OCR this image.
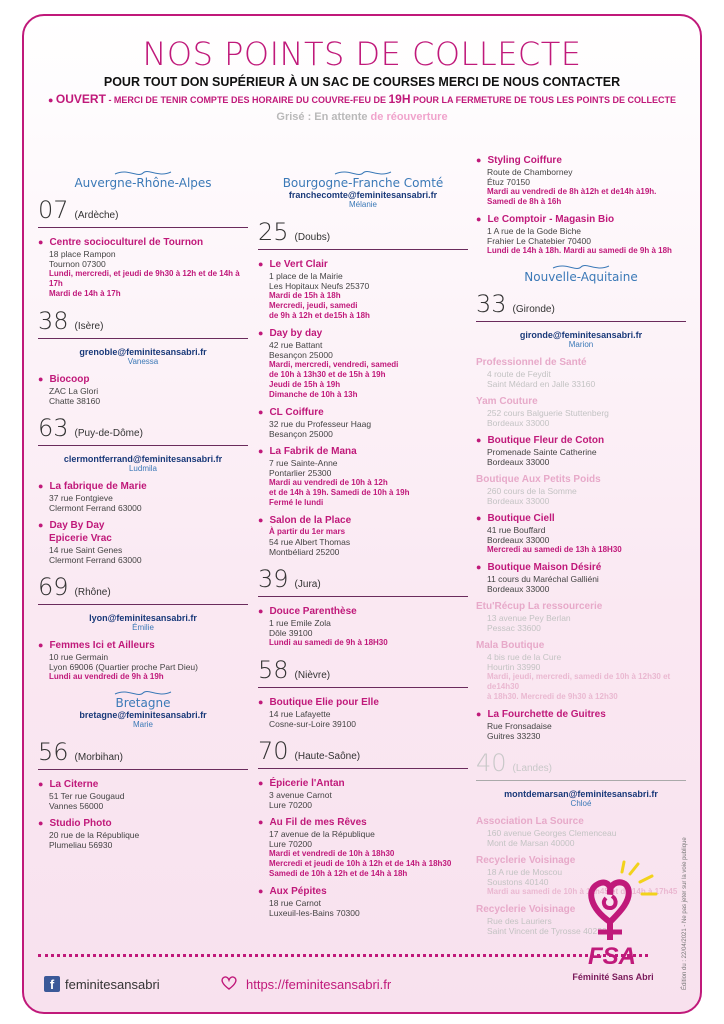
NOS POINTS DE COLLECTE
POUR TOUT DON SUPÉRIEUR À UN SAC DE COURSES MERCI DE NOUS CONTACTER
● OUVERT - MERCI DE TENIR COMPTE DES HORAIRE DU COUVRE-FEU DE 19H POUR LA FERMETURE DE TOUS LES POINTS DE COLLECTE
Grisé : En attente de réouverture
Auvergne-Rhône-Alpes
07 (Ardèche)
● Centre socioculturel de Tournon
18 place Rampon
Tournon 07300
Lundi, mercredi, et jeudi de 9h30 à 12h et de 14h à 17h
Mardi de 14h à 17h
38 (Isère)
grenoble@feminitesansabri.fr
Vanessa
● Biocoop
ZAC La Glori
Chatte 38160
63 (Puy-de-Dôme)
clermontferrand@feminitesansabri.fr
Ludmila
● La fabrique de Marie
37 rue Fontgieve
Clermont Ferrand 63000
● Day By Day
Epicerie Vrac
14 rue Saint Genes
Clermont Ferrand 63000
69 (Rhône)
lyon@feminitesansabri.fr
Émilie
● Femmes Ici et Ailleurs
10 rue Germain
Lyon 69006 (Quartier proche Part Dieu)
Lundi au vendredi de 9h à 19h
Bretagne
bretagne@feminitesansabri.fr
Marie
56 (Morbihan)
● La Citerne
51 Ter rue Gougaud
Vannes 56000
● Studio Photo
20 rue de la République
Plumeliau 56930
Bourgogne-Franche Comté
franchecomte@feminitesansabri.fr
Mélanie
25 (Doubs)
● Le Vert Clair
1 place de la Mairie
Les Hopitaux Neufs 25370
Mardi de 15h à 18h
Mercredi, jeudi, samedi
de 9h à 12h et de15h à 18h
● Day by day
42 rue Battant
Besançon 25000
Mardi, mercredi, vendredi, samedi
de 10h à 13h30 et de 15h à 19h
Jeudi de 15h à 19h
Dimanche de 10h à 13h
● CL Coiffure
32 rue du Professeur Haag
Besançon 25000
● La Fabrik de Mana
7 rue Sainte-Anne
Pontarlier 25300
Mardi au vendredi de 10h à 12h
et de 14h à 19h. Samedi de 10h à 19h
Fermé le lundi
● Salon de la Place
À partir du 1er mars
54 rue Albert Thomas
Montbéliard 25200
39 (Jura)
● Douce Parenthèse
1 rue Emile Zola
Dôle 39100
Lundi au samedi de 9h à 18H30
58 (Nièvre)
● Boutique Elie pour Elle
14 rue Lafayette
Cosne-sur-Loire 39100
70 (Haute-Saône)
● Épicerie l'Antan
3 avenue Carnot
Lure 70200
● Au Fil de mes Rêves
17 avenue de la République
Lure 70200
Mardi et vendredi de 10h à 18h30
Mercredi et jeudi de 10h à 12h et de 14h à 18h30
Samedi de 10h à 12h et de 14h à 18h
● Aux Pépites
18 rue Carnot
Luxeuil-les-Bains 70300
● Styling Coiffure
Route de Chamborney
Étuz 70150
Mardi au vendredi de 8h à12h et de14h à19h.
Samedi de 8h à 16h
● Le Comptoir - Magasin Bio
1 A rue de la Gode Biche
Frahier Le Chatebier 70400
Lundi de 14h à 18h. Mardi au samedi de 9h à 18h
Nouvelle-Aquitaine
33 (Gironde)
gironde@feminitesansabri.fr
Marion
Professionnel de Santé
4 route de Feydit
Saint Médard en Jalle 33160
Yam Couture
252 cours Balguerie Stuttenberg
Bordeaux 33000
● Boutique Fleur de Coton
Promenade Sainte Catherine
Bordeaux 33000
Boutique Aux Petits Poids
260 cours de la Somme
Bordeaux 33000
● Boutique Ciell
41 rue Bouffard
Bordeaux 33000
Mercredi au samedi de 13h à 18H30
● Boutique Maison Désiré
11 cours du Maréchal Galliéni
Bordeaux 33000
Etu'Récup La ressourcerie
13 avenue Pey Berlan
Pessac 33600
Mala Boutique
4 bis rue de la Cure
Hourtin 33990
Mardi, jeudi, mercredi, samedi de 10h à 12h30 et de14h30
à 18h30. Mercredi de 9h30 à 12h30
● La Fourchette de Guitres
Rue Fronsadaise
Guitres 33230
40 (Landes)
montdemarsan@feminitesansabri.fr
Chloé
Association La Source
160 avenue Georges Clemenceau
Mont de Marsan 40000
Recyclerie Voisinage
18 A rue de Moscou
Soustons 40140
Mardi au samedi de 10h à 12h45 et de 14h à 17h45
Recyclerie Voisinage
Rue des Lauriers
Saint Vincent de Tyrosse 40230
f feminitesansabri	https://feminitesansabri.fr	Édition du : 22/04/2021 - Ne pas jeter sur la voie publique
FSA
Féminité Sans Abri
